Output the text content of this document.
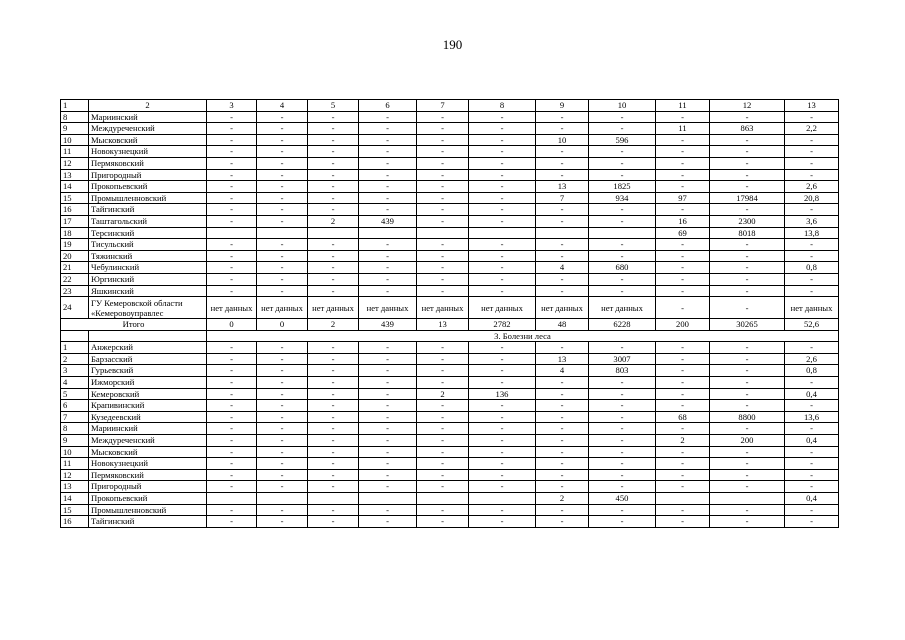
190
1	2	3	4	5	6	7	8	9	10	11	12	13
8	Мариинский	-	-	-	-	-	-	-	-	-	-	-
9	Междуреченский	-	-	-	-	-	-	-	-	11	863	2,2
10	Мысковский	-	-	-	-	-	-	10	596	-	-	-
11	Новокузнецкий	-	-	-	-	-	-	-	-	-	-	-
12	Пермяковский	-	-	-	-	-	-	-	-	-	-	-
13	Пригородный	-	-	-	-	-	-	-	-	-	-	-
14	Прокопьевский	-	-	-	-	-	-	13	1825	-	-	2,6
15	Промышленновский	-	-	-	-	-	-	7	934	97	17984	20,8
16	Тайгинский	-	-	-	-	-	-	-	-	-	-	-
17	Таштагольский	-	-	2	439	-	-	-	-	16	2300	3,6
18	Терсинский									69	8018	13,8
19	Тисульский	-	-	-	-	-	-	-	-	-	-	-
20	Тяжинский	-	-	-	-	-	-	-	-	-	-	-
21	Чебулинский	-	-	-	-	-	-	4	680	-	-	0,8
22	Юргинский	-	-	-	-	-	-	-	-	-	-	-
23	Яшкинский	-	-	-	-	-	-	-	-	-	-	-
24	ГУ Кемеровской области «Кемеровоуправлес	нет данных	нет данных	нет данных	нет данных	нет данных	нет данных	нет данных	нет данных	-	-	нет данных
Итого		0	0	2	439	13	2782	48	6228	200	30265	52,6
		3. Болезни леса										
1	Анжерский	-	-	-	-	-	-	-	-	-	-	-
2	Барзасский	-	-	-	-	-	-	13	3007	-	-	2,6
3	Гурьевский	-	-	-	-	-	-	4	803	-	-	0,8
4	Ижморский	-	-	-	-	-	-	-	-	-	-	-
5	Кемеровский	-	-	-	-	2	136	-	-	-	-	0,4
6	Крапивинский	-	-	-	-	-	-	-	-	-	-	-
7	Кузедеевский	-	-	-	-	-	-	-	-	68	8800	13,6
8	Мариинский	-	-	-	-	-	-	-	-	-	-	-
9	Междуреченский	-	-	-	-	-	-	-	-	2	200	0,4
10	Мысковский	-	-	-	-	-	-	-	-	-	-	-
11	Новокузнецкий	-	-	-	-	-	-	-	-	-	-	-
12	Пермяковский	-	-	-	-	-	-	-	-	-	-	-
13	Пригородный	-	-	-	-	-	-	-	-	-	-	-
14	Прокопьевский							2	450			0,4
15	Промышленновский	-	-	-	-	-	-	-	-	-	-	-
16	Тайгинский	-	-	-	-	-	-	-	-	-	-	-
